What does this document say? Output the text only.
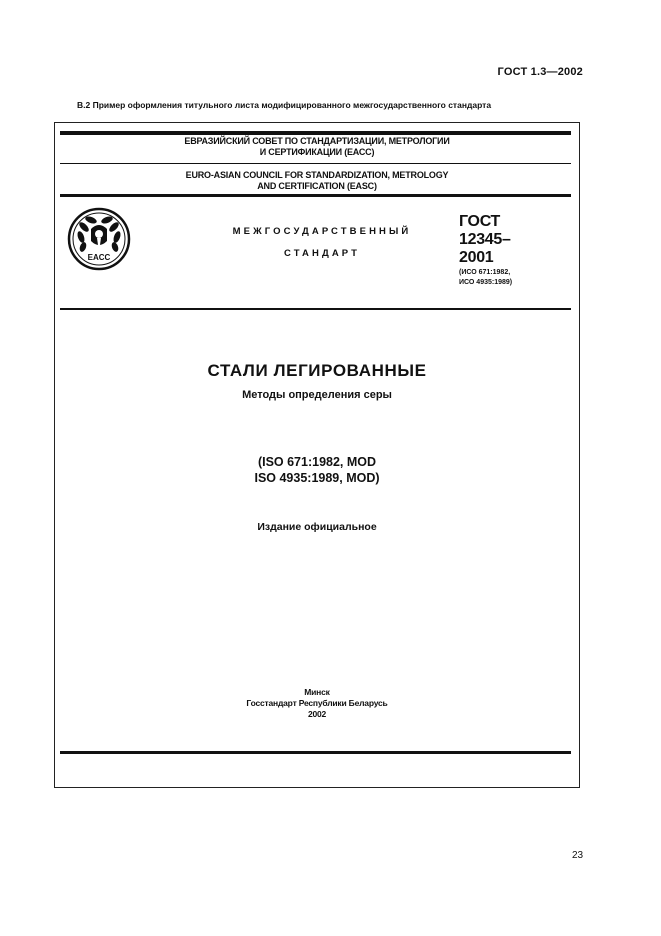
ГОСТ 1.3—2002
В.2 Пример оформления титульного листа модифицированного межгосударственного стандарта
ЕВРАЗИЙСКИЙ СОВЕТ ПО СТАНДАРТИЗАЦИИ, МЕТРОЛОГИИ
И СЕРТИФИКАЦИИ (ЕАСС)
EURO-ASIAN COUNCIL FOR STANDARDIZATION, METROLOGY
AND CERTIFICATION (EASC)
EACC
МЕЖГОСУДАРСТВЕННЫЙ
СТАНДАРТ
ГОСТ
12345–
2001
(ИСО 671:1982,
ИСО 4935:1989)
СТАЛИ ЛЕГИРОВАННЫЕ
Методы определения серы
(ISO 671:1982, MOD
ISO 4935:1989, MOD)
Издание официальное
Минск
Госстандарт Республики Беларусь
2002
23
